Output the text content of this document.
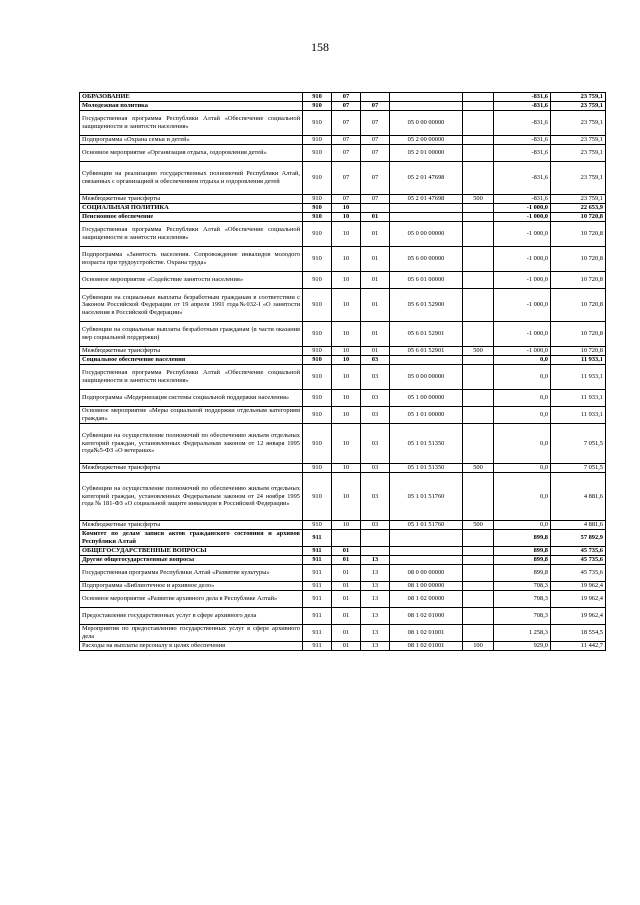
158
ОБРАЗОВАНИЕ	910	07				-831,6	23 759,1
Молодежная политика	910	07	07			-831,6	23 759,1
Государственная программа Республики Алтай «Обеспечение социальной защищенности и занятости населения»	910	07	07	05 0 00 00000		-831,6	23 759,1
Подпрограмма «Охрана семьи и детей»	910	07	07	05 2 00 00000		-831,6	23 759,1
Основное мероприятие «Организация отдыха, оздоровления детей»	910	07	07	05 2 01 00000		-831,6	23 759,1
Субвенции на реализацию государственных полномочий Республики Алтай, связанных с организацией и обеспечением отдыха и оздоровления детей	910	07	07	05 2 01 47698		-831,6	23 759,1
Межбюджетные трансферты	910	07	07	05 2 01 47698	500	-831,6	23 759,1
СОЦИАЛЬНАЯ ПОЛИТИКА	910	10				-1 000,0	22 653,9
Пенсионное обеспечение	910	10	01			-1 000,0	10 720,8
Государственная программа Республики Алтай «Обеспечение социальной защищенности и занятости населения»	910	10	01	05 0 00 00000		-1 000,0	10 720,8
Подпрограмма «Занятость населения. Сопровождение инвалидов молодого возраста при трудоустройстве. Охрана труда»	910	10	01	05 6 00 00000		-1 000,0	10 720,8
Основное мероприятие «Содействие занятости населения»	910	10	01	05 6 01 00000		-1 000,0	10 720,8
Субвенции на социальные выплаты безработным гражданам в соответствии с Законом Российской Федерации от 19 апреля 1991 года№032-I «О занятости населения в Российской Федерации»	910	10	01	05 6 01 52900		-1 000,0	10 720,8
Субвенции на социальные выплаты безработным гражданам (в части оказания мер социальной поддержки)	910	10	01	05 6 01 52901		-1 000,0	10 720,8
Межбюджетные трансферты	910	10	01	05 6 01 52901	500	-1 000,0	10 720,8
Социальное обеспечение населения	910	10	03			0,0	11 933,1
Государственная программа Республики Алтай «Обеспечение социальной защищенности и занятости населения»	910	10	03	05 0 00 00000		0,0	11 933,1
Подпрограмма «Модернизация системы социальной поддержки населения»	910	10	03	05 1 00 00000		0,0	11 933,1
Основное мероприятие «Меры социальной поддержки отдельным категориям граждан»	910	10	03	05 1 01 00000		0,0	11 933,1
Субвенции на осуществление полномочий по обеспечению жильем отдельных категорий граждан, установленных Федеральным законом от 12 января 1995 года№5-ФЗ «О ветеранах»	910	10	03	05 1 01 51350		0,0	7 051,5
Межбюджетные трансферты	910	10	03	05 1 01 51350	500	0,0	7 051,5
Субвенции на осуществление полномочий по обеспечению жильем отдельных категорий граждан, установленных Федеральным законом от 24 ноября 1995 года № 181-ФЗ «О социальной защите инвалидов в Российской Федерации»	910	10	03	05 1 01 51760		0,0	4 881,6
Межбюджетные трансферты	910	10	03	05 1 01 51760	500	0,0	4 881,6
Комитет по делам записи актов гражданского состояния и архивов Республики Алтай	911					899,8	57 892,9
ОБЩЕГОСУДАРСТВЕННЫЕ ВОПРОСЫ	911	01				899,8	45 735,6
Другие общегосударственные вопросы	911	01	13			899,8	45 735,6
Государственная программа Республики Алтай «Развитие культуры»	911	01	13	08 0 00 00000		899,8	45 735,6
Подпрограмма «Библиотечное и архивное дело»	911	01	13	08 1 00 00000		708,3	19 962,4
Основное мероприятие «Развитие архивного дела в Республике Алтай»	911	01	13	08 1 02 00000		708,3	19 962,4
Предоставление государственных услуг в сфере архивного дела	911	01	13	08 1 02 01000		708,3	19 962,4
Мероприятия по предоставлению государственных услуг в сфере архивного дела	911	01	13	08 1 02 01001		1 258,3	18 554,5
Расходы на выплаты персоналу в целях обеспечения	911	01	13	08 1 02 01001	100	929,0	11 442,7
